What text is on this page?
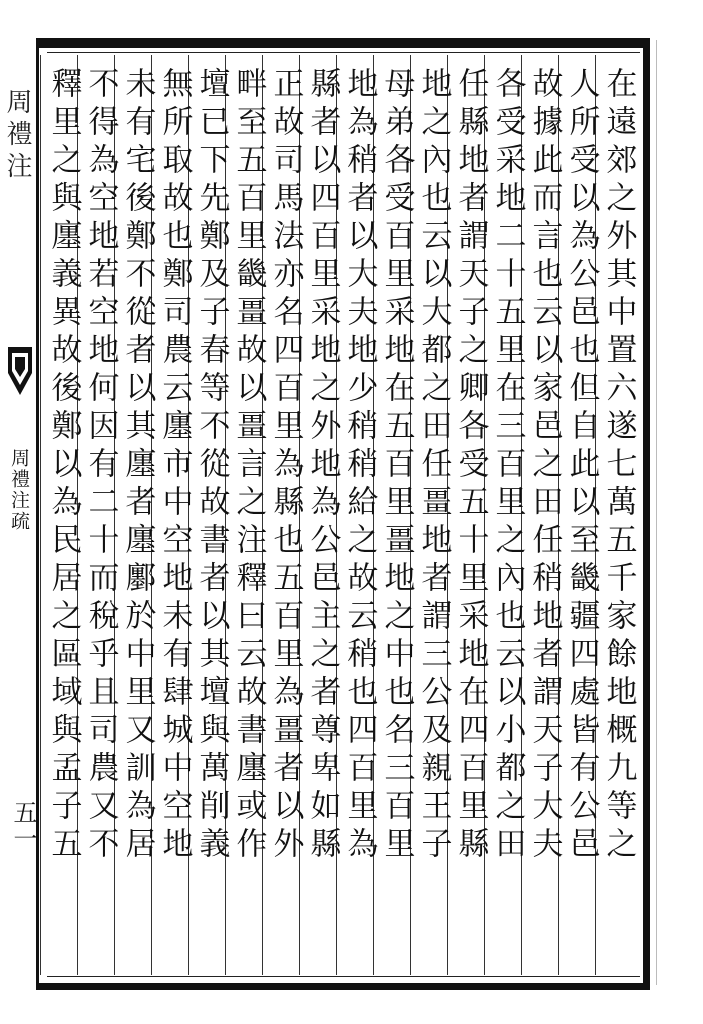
周禮注
周禮注疏
五一	在遠郊之外其中置六遂七萬五千家餘地概九等之
人所受以為公邑也但自此以至畿疆四處皆有公邑
故據此而言也云以家邑之田任稍地者謂天子大夫
各受采地二十五里在三百里之內也云以小都之田
任縣地者謂天子之卿各受五十里采地在四百里縣
地之內也云以大都之田任畺地者謂三公及親王子
母弟各受百里采地在五百里畺地之中也名三百里
地為稍者以大夫地少稍稍給之故云稍也四百里為
縣者以四百里采地之外地為公邑主之者尊卑如縣
正故司馬法亦名四百里為縣也五百里為畺者以外
畔至五百里畿畺故以畺言之注釋曰云故書廛或作
壇已下先鄭及子春等不從故書者以其壇與萬削義
無所取故也鄭司農云廛市中空地未有肆城中空地
未有宅後鄭不從者以其廛者廛鄽於中里又訓為居
不得為空地若空地何因有二十而稅乎且司農又不
釋里之與廛義異故後鄭以為民居之區域與孟子五
